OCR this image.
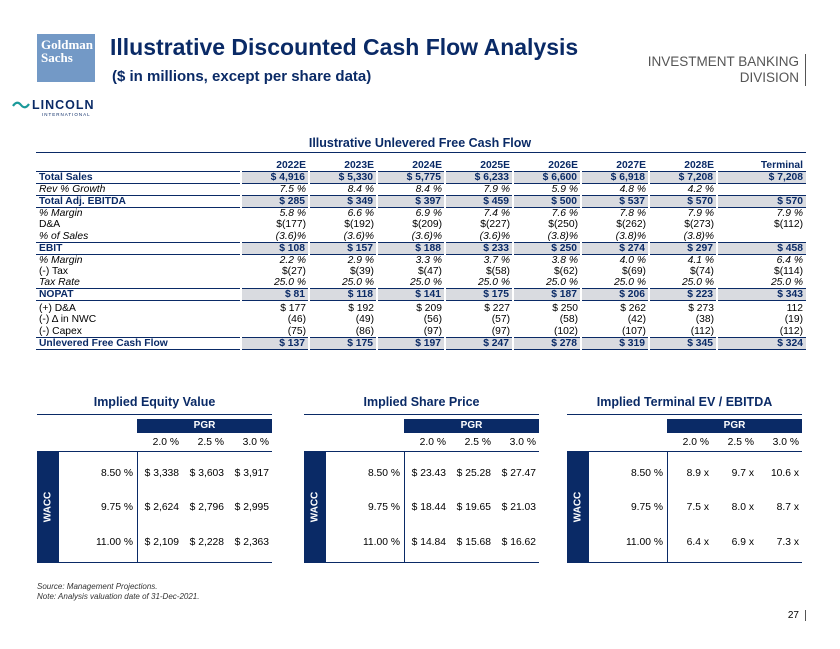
Goldman
Sachs	Illustrative Discounted Cash Flow Analysis
($ in millions, except per share data)
INVESTMENT BANKING
DIVISION
LINCOLN
INTERNATIONAL
Illustrative Unlevered Free Cash Flow
	2022E	2023E	2024E	2025E	2026E	2027E	2028E	Terminal
Total Sales	$ 4,916	$ 5,330	$ 5,775	$ 6,233	$ 6,600	$ 6,918	$ 7,208	$ 7,208
Rev % Growth	7.5 %	8.4 %	8.4 %	7.9 %	5.9 %	4.8 %	4.2 %	
Total Adj. EBITDA	$ 285	$ 349	$ 397	$ 459	$ 500	$ 537	$ 570	$ 570
% Margin	5.8 %	6.6 %	6.9 %	7.4 %	7.6 %	7.8 %	7.9 %	7.9 %
D&A	$(177)	$(192)	$(209)	$(227)	$(250)	$(262)	$(273)	$(112)
% of Sales	(3.6)%	(3.6)%	(3.6)%	(3.6)%	(3.8)%	(3.8)%	(3.8)%	
EBIT	$ 108	$ 157	$ 188	$ 233	$ 250	$ 274	$ 297	$ 458
% Margin	2.2 %	2.9 %	3.3 %	3.7 %	3.8 %	4.0 %	4.1 %	6.4 %
(-) Tax	$(27)	$(39)	$(47)	$(58)	$(62)	$(69)	$(74)	$(114)
Tax Rate	25.0 %	25.0 %	25.0 %	25.0 %	25.0 %	25.0 %	25.0 %	25.0 %
NOPAT	$ 81	$ 118	$ 141	$ 175	$ 187	$ 206	$ 223	$ 343
(+) D&A	$ 177	$ 192	$ 209	$ 227	$ 250	$ 262	$ 273	112
(-) Δ in NWC	(46)	(49)	(56)	(57)	(58)	(42)	(38)	(19)
(-) Capex	(75)	(86)	(97)	(97)	(102)	(107)	(112)	(112)
Unlevered Free Cash Flow	$ 137	$ 175	$ 197	$ 247	$ 278	$ 319	$ 345	$ 324
Implied Equity Value
PGR
2.0 % 2.5 % 3.0 %
WACC
8.50 % $ 3,338 $ 3,603 $ 3,917
9.75 % $ 2,624 $ 2,796 $ 2,995
11.00 % $ 2,109 $ 2,228 $ 2,363
Implied Share Price
PGR
2.0 % 2.5 % 3.0 %
WACC
8.50 % $ 23.43 $ 25.28 $ 27.47
9.75 % $ 18.44 $ 19.65 $ 21.03
11.00 % $ 14.84 $ 15.68 $ 16.62
Implied Terminal EV / EBITDA
PGR
2.0 % 2.5 % 3.0 %
WACC
8.50 % 8.9 x 9.7 x 10.6 x
9.75 % 7.5 x 8.0 x 8.7 x
11.00 % 6.4 x 6.9 x 7.3 x
Source: Management Projections.
Note: Analysis valuation date of 31-Dec-2021.
27
